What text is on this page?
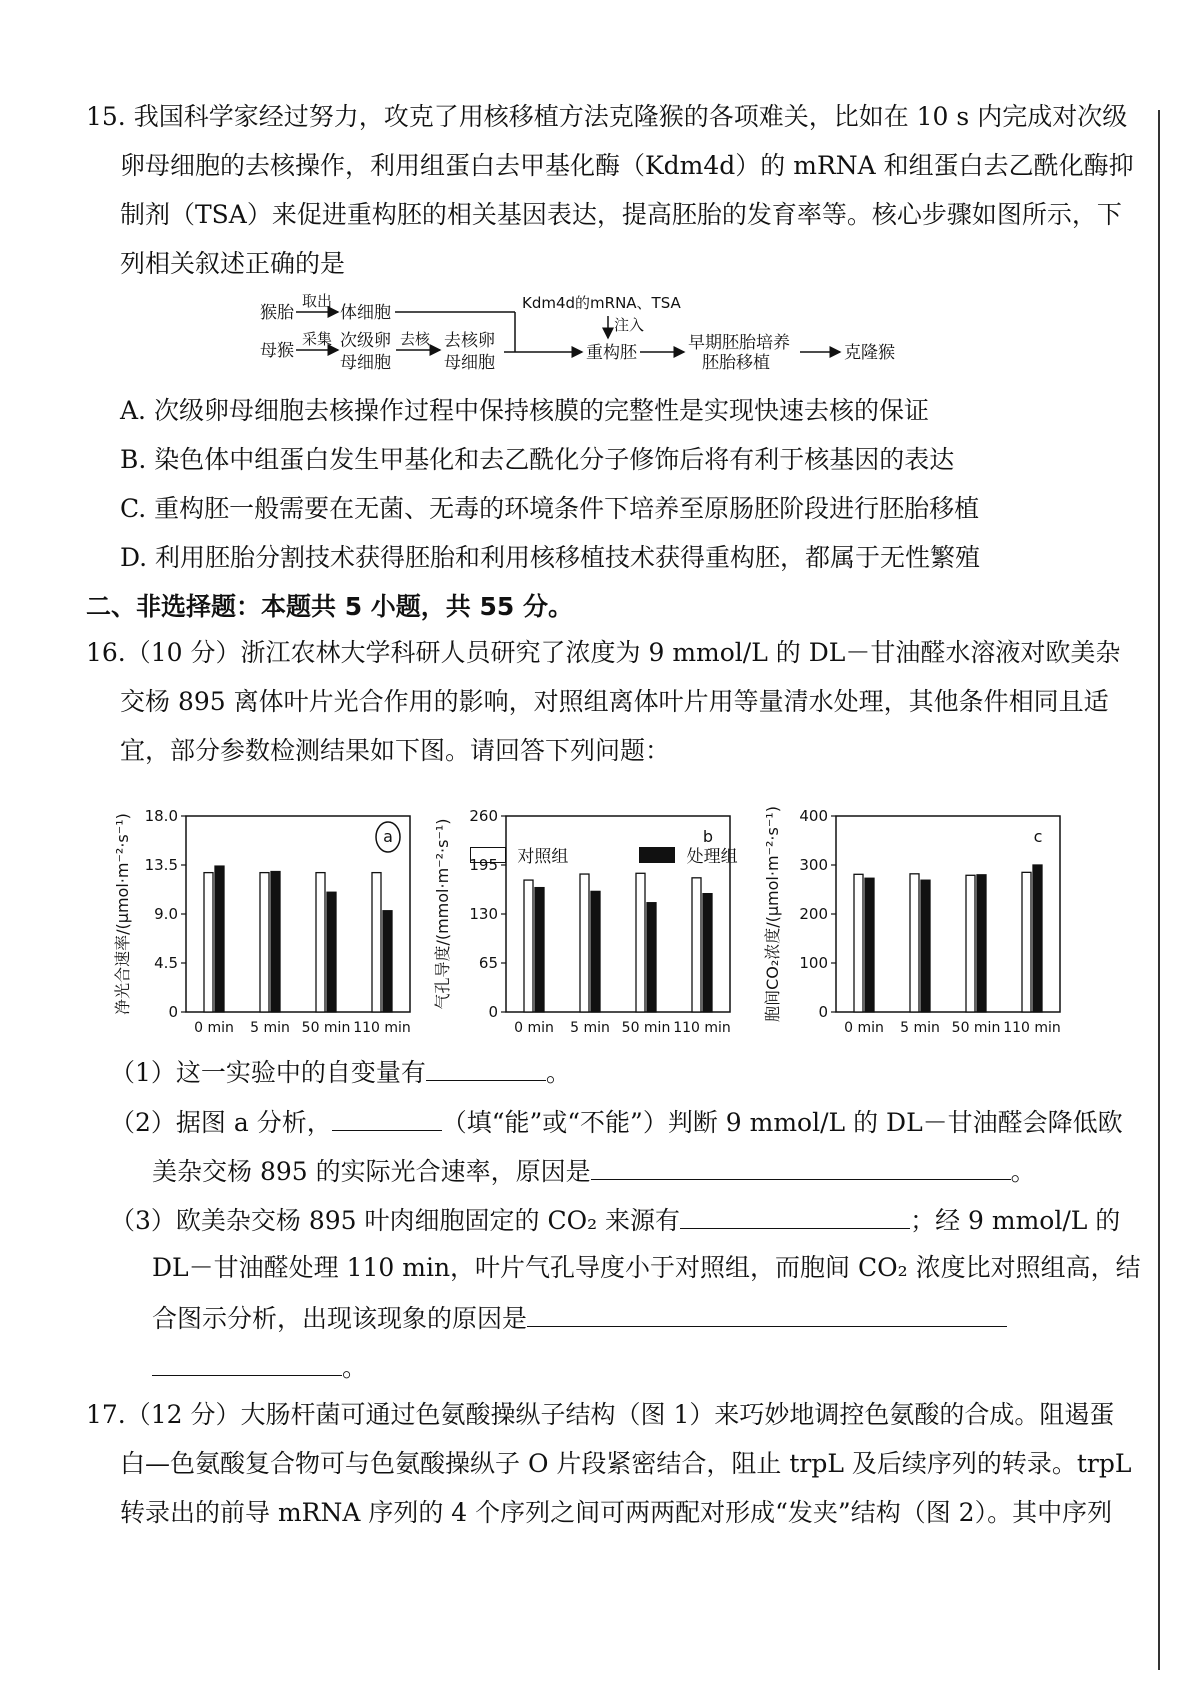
15. 我国科学家经过努力，攻克了用核移植方法克隆猴的各项难关，比如在 10 s 内完成对次级
卵母细胞的去核操作，利用组蛋白去甲基化酶（Kdm4d）的 mRNA 和组蛋白去乙酰化酶抑
制剂（TSA）来促进重构胚的相关基因表达，提高胚胎的发育率等。核心步骤如图所示，下
列相关叙述正确的是
猴胎
取出
体细胞
母猴
采集 次级卵
母细胞
去核 去核卵
母细胞
Kdm4d的mRNA、TSA
注入
重构胚	早期胚胎培养
胚胎移植	克隆猴
A. 次级卵母细胞去核操作过程中保持核膜的完整性是实现快速去核的保证
B. 染色体中组蛋白发生甲基化和去乙酰化分子修饰后将有利于核基因的表达
C. 重构胚一般需要在无菌、无毒的环境条件下培养至原肠胚阶段进行胚胎移植
D. 利用胚胎分割技术获得胚胎和利用核移植技术获得重构胚，都属于无性繁殖
二、非选择题：本题共 5 小题，共 55 分。
16.（10 分）浙江农林大学科研人员研究了浓度为 9 mmol/L 的 DL－甘油醛水溶液对欧美杂
交杨 895 离体叶片光合作用的影响，对照组离体叶片用等量清水处理，其他条件相同且适
宜，部分参数检测结果如下图。请回答下列问题：
对照组	处理组
净光合速率/(μmol·m⁻²·s⁻¹) 0
4.5
9.0
13.5
18.0
a
0 min 5 min 50 min 110 min
气孔导度/(mmol·m⁻²·s⁻¹)
0
65
130
195
260
b
0 min 5 min 50 min 110 min
胞间CO₂浓度/(μmol·m⁻²·s⁻¹) 0
100
200
300
400
c
0 min 5 min 50 min 110 min
（1）这一实验中的自变量有	。
（2）据图 a 分析，	（填“能”或“不能”）判断 9 mmol/L 的 DL－甘油醛会降低欧
美杂交杨 895 的实际光合速率，原因是	。
（3）欧美杂交杨 895 叶肉细胞固定的 CO₂ 来源有	；经 9 mmol/L 的
DL－甘油醛处理 110 min，叶片气孔导度小于对照组，而胞间 CO₂ 浓度比对照组高，结
合图示分析，出现该现象的原因是
。
17.（12 分）大肠杆菌可通过色氨酸操纵子结构（图 1）来巧妙地调控色氨酸的合成。阻遏蛋
白—色氨酸复合物可与色氨酸操纵子 O 片段紧密结合，阻止 trpL 及后续序列的转录。trpL
转录出的前导 mRNA 序列的 4 个序列之间可两两配对形成“发夹”结构（图 2）。其中序列
